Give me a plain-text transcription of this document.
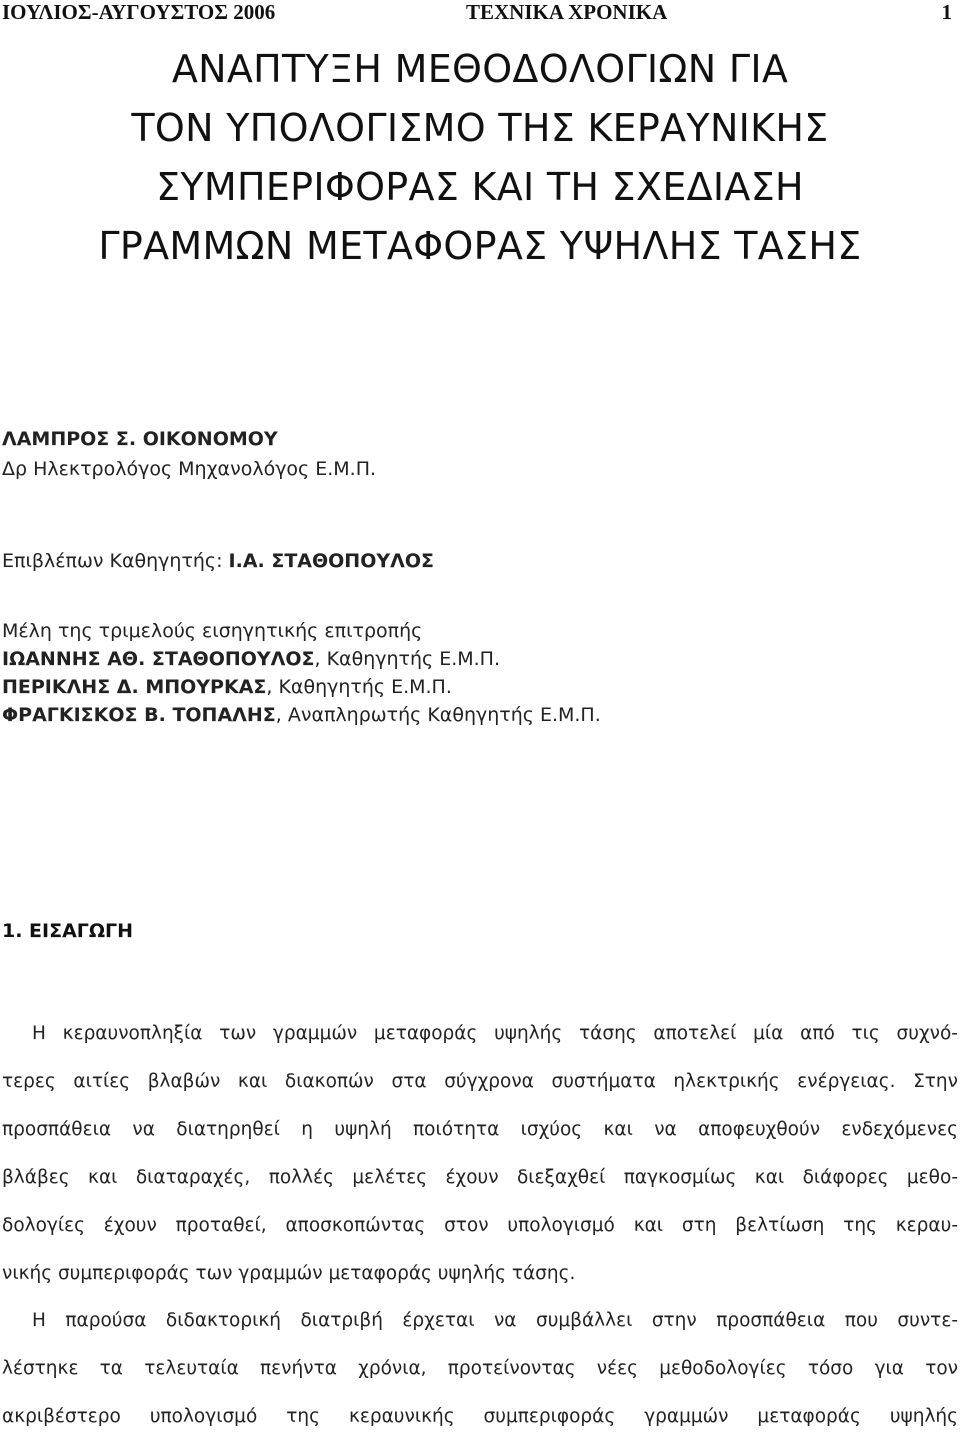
ΙΟΥΛΙΟΣ-ΑΥΓΟΥΣΤΟΣ 2006	ΤΕΧΝΙΚΑ ΧΡΟΝΙΚΑ	1
ΑΝΑΠΤΥΞΗ ΜΕΘΟΔΟΛΟΓΙΩΝ ΓΙΑ
ΤΟΝ ΥΠΟΛΟΓΙΣΜΟ ΤΗΣ ΚΕΡΑΥΝΙΚΗΣ
ΣΥΜΠΕΡΙΦΟΡΑΣ ΚΑΙ ΤΗ ΣΧΕΔΙΑΣΗ
ΓΡΑΜΜΩΝ ΜΕΤΑΦΟΡΑΣ ΥΨΗΛΗΣ ΤΑΣΗΣ
ΛΑΜΠΡΟΣ Σ. ΟΙΚΟΝΟΜΟΥ
Δρ Ηλεκτρολόγος Μηχανολόγος Ε.Μ.Π.
Επιβλέπων Καθηγητής: Ι.Α. ΣΤΑΘΟΠΟΥΛΟΣ
Μέλη της τριμελούς εισηγητικής επιτροπής
ΙΩΑΝΝΗΣ ΑΘ. ΣΤΑΘΟΠΟΥΛΟΣ, Καθηγητής Ε.Μ.Π.
ΠΕΡΙΚΛΗΣ Δ. ΜΠΟΥΡΚΑΣ, Καθηγητής Ε.Μ.Π.
ΦΡΑΓΚΙΣΚΟΣ Β. ΤΟΠΑΛΗΣ, Αναπληρωτής Καθηγητής Ε.Μ.Π.
1. ΕΙΣΑΓΩΓΗ
Η κεραυνοπληξία των γραμμών μεταφοράς υψηλής τάσης αποτελεί μία από τις συχνό-
τερες αιτίες βλαβών και διακοπών στα σύγχρονα συστήματα ηλεκτρικής ενέργειας. Στην
προσπάθεια να διατηρηθεί η υψηλή ποιότητα ισχύος και να αποφευχθούν ενδεχόμενες
βλάβες και διαταραχές, πολλές μελέτες έχουν διεξαχθεί παγκοσμίως και διάφορες μεθο-
δολογίες έχουν προταθεί, αποσκοπώντας στον υπολογισμό και στη βελτίωση της κεραυ-
νικής συμπεριφοράς των γραμμών μεταφοράς υψηλής τάσης.
Η παρούσα διδακτορική διατριβή έρχεται να συμβάλλει στην προσπάθεια που συντε-
λέστηκε τα τελευταία πενήντα χρόνια, προτείνοντας νέες μεθοδολογίες τόσο για τον
ακριβέστερο υπολογισμό της κεραυνικής συμπεριφοράς γραμμών μεταφοράς υψηλής
